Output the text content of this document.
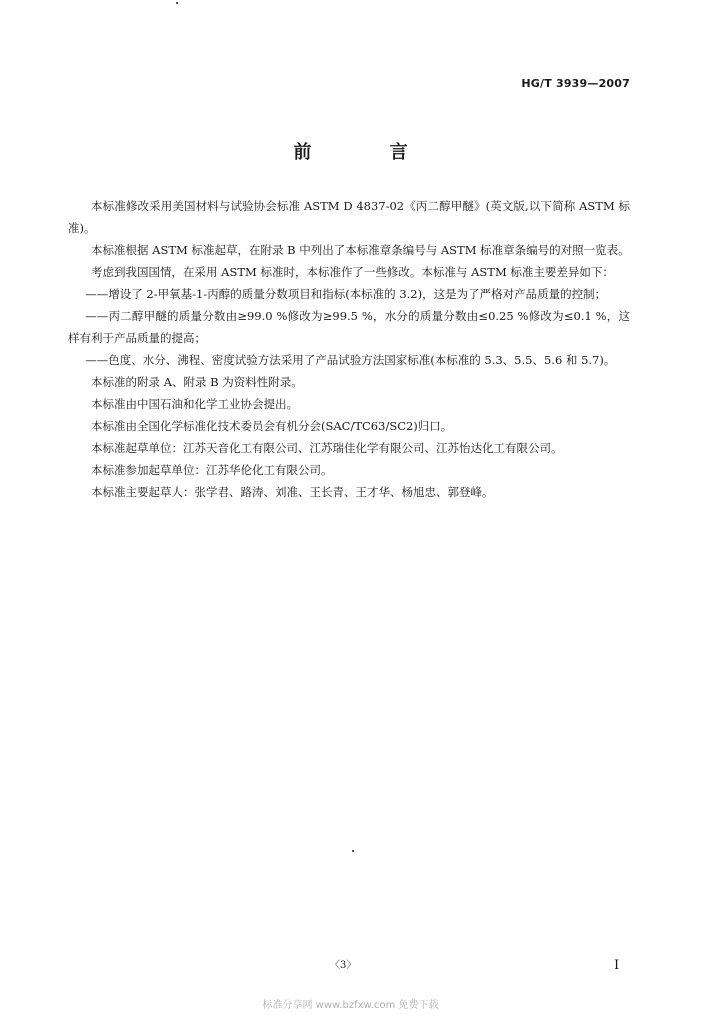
HG/T 3939—2007
前 言

本标准修改采用美国材料与试验协会标准 ASTM D 4837-02《丙二醇甲醚》(英文版,以下简称 ASTM 标准)。

本标准根据 ASTM 标准起草，在附录 B 中列出了本标准章条编号与 ASTM 标准章条编号的对照一览表。

考虑到我国国情，在采用 ASTM 标准时，本标准作了一些修改。本标准与 ASTM 标准主要差异如下：

——增设了 2-甲氧基-1-丙醇的质量分数项目和指标(本标准的 3.2)，这是为了严格对产品质量的控制；

——丙二醇甲醚的质量分数由≥99.0 %修改为≥99.5 %，水分的质量分数由≤0.25 %修改为≤0.1 %，这样有利于产品质量的提高；

——色度、水分、沸程、密度试验方法采用了产品试验方法国家标准(本标准的 5.3、5.5、5.6 和 5.7)。

本标准的附录 A、附录 B 为资料性附录。

本标准由中国石油和化学工业协会提出。

本标准由全国化学标准化技术委员会有机分会(SAC/TC63/SC2)归口。

本标准起草单位：江苏天音化工有限公司、江苏瑞佳化学有限公司、江苏怡达化工有限公司。

本标准参加起草单位：江苏华伦化工有限公司。

本标准主要起草人：张学君、路涛、刘准、王长青、王才华、杨旭忠、郭登峰。

〈3〉	I
标准分享网 www.bzfxw.com 免费下载
